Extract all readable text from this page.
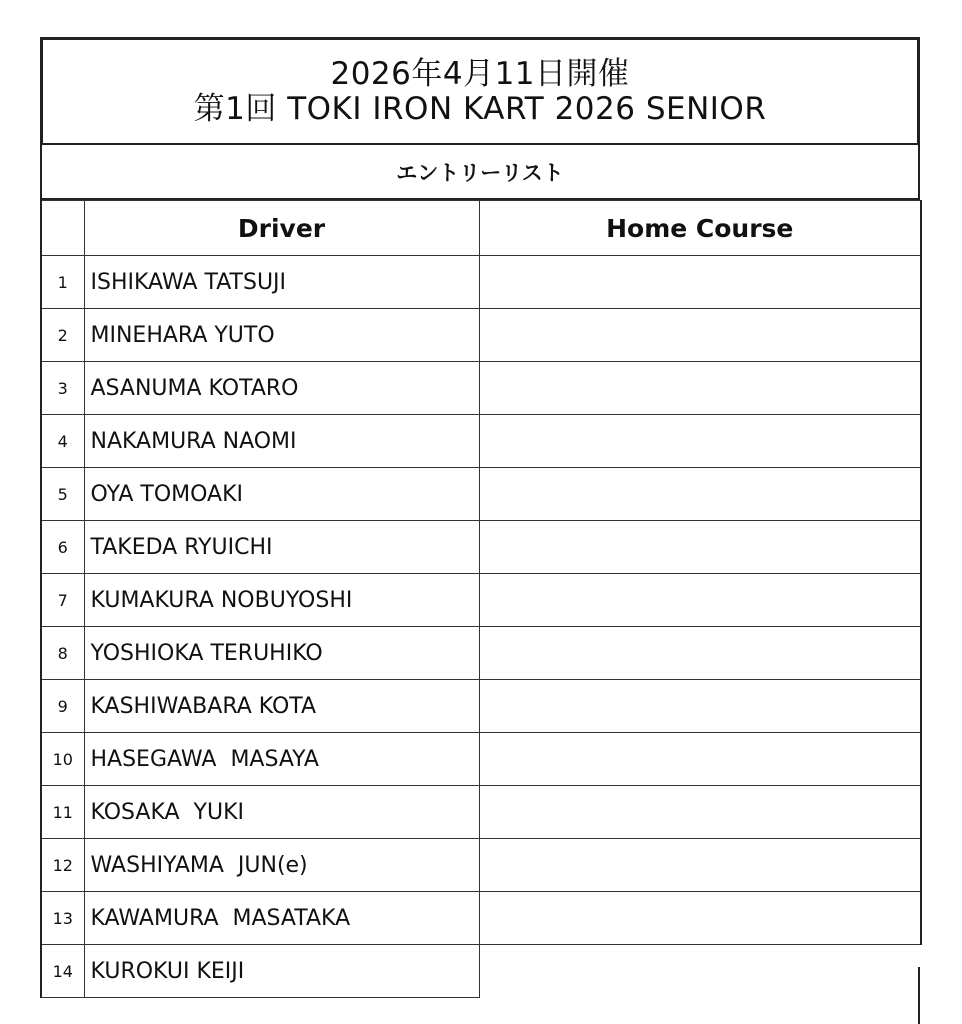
2026年4月11日開催
第1回 TOKI IRON KART 2026 SENIOR
エントリーリスト
	Driver	Home Course
1	ISHIKAWA TATSUJI	
2	MINEHARA YUTO	
3	ASANUMA KOTARO	
4	NAKAMURA NAOMI	
5	OYA TOMOAKI	
6	TAKEDA RYUICHI	
7	KUMAKURA NOBUYOSHI	
8	YOSHIOKA TERUHIKO	
9	KASHIWABARA KOTA	
10	HASEGAWA  MASAYA	
11	KOSAKA  YUKI	
12	WASHIYAMA  JUN(e)	
13	KAWAMURA  MASATAKA	
14	KUROKUI KEIJI	
